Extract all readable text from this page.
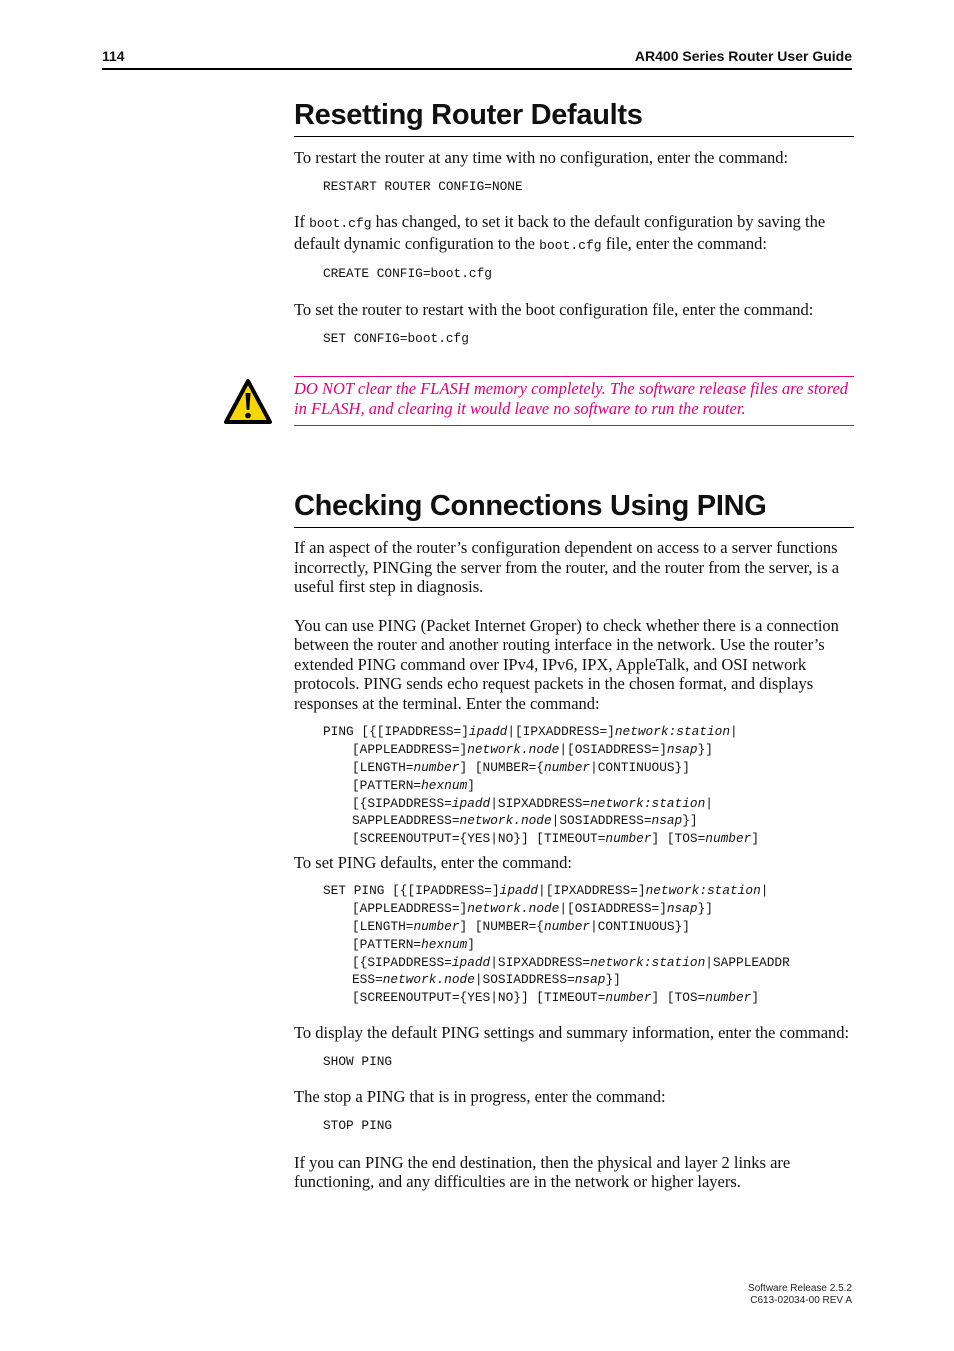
114	AR400 Series Router User Guide
Resetting Router Defaults

To restart the router at any time with no configuration, enter the command:

RESTART ROUTER CONFIG=NONE

If boot.cfg has changed, to set it back to the default configuration by saving the default dynamic configuration to the boot.cfg file, enter the command:

CREATE CONFIG=boot.cfg

To set the router to restart with the boot configuration file, enter the command:

SET CONFIG=boot.cfg

DO NOT clear the FLASH memory completely. The software release files are stored in FLASH, and clearing it would leave no software to run the router.

Checking Connections Using PING

If an aspect of the router’s configuration dependent on access to a server functions incorrectly, PINGing the server from the router, and the router from the server, is a useful first step in diagnosis.

You can use PING (Packet Internet Groper) to check whether there is a connection between the router and another routing interface in the network. Use the router’s extended PING command over IPv4, IPv6, IPX, AppleTalk, and OSI network protocols. PING sends echo request packets in the chosen format, and displays responses at the terminal. Enter the command:

PING [{[IPADDRESS=]ipadd|[IPXADDRESS=]network:station|
[APPLEADDRESS=]network.node|[OSIADDRESS=]nsap}]
[LENGTH=number] [NUMBER={number|CONTINUOUS}]
[PATTERN=hexnum]
[{SIPADDRESS=ipadd|SIPXADDRESS=network:station|
SAPPLEADDRESS=network.node|SOSIADDRESS=nsap}]
[SCREENOUTPUT={YES|NO}] [TIMEOUT=number] [TOS=number]

To set PING defaults, enter the command:

SET PING [{[IPADDRESS=]ipadd|[IPXADDRESS=]network:station|
[APPLEADDRESS=]network.node|[OSIADDRESS=]nsap}]
[LENGTH=number] [NUMBER={number|CONTINUOUS}]
[PATTERN=hexnum]
[{SIPADDRESS=ipadd|SIPXADDRESS=network:station|SAPPLEADDR
ESS=network.node|SOSIADDRESS=nsap}]
[SCREENOUTPUT={YES|NO}] [TIMEOUT=number] [TOS=number]

To display the default PING settings and summary information, enter the command:

SHOW PING

The stop a PING that is in progress, enter the command:

STOP PING

If you can PING the end destination, then the physical and layer 2 links are functioning, and any difficulties are in the network or higher layers.

Software Release 2.5.2
C613-02034-00 REV A
